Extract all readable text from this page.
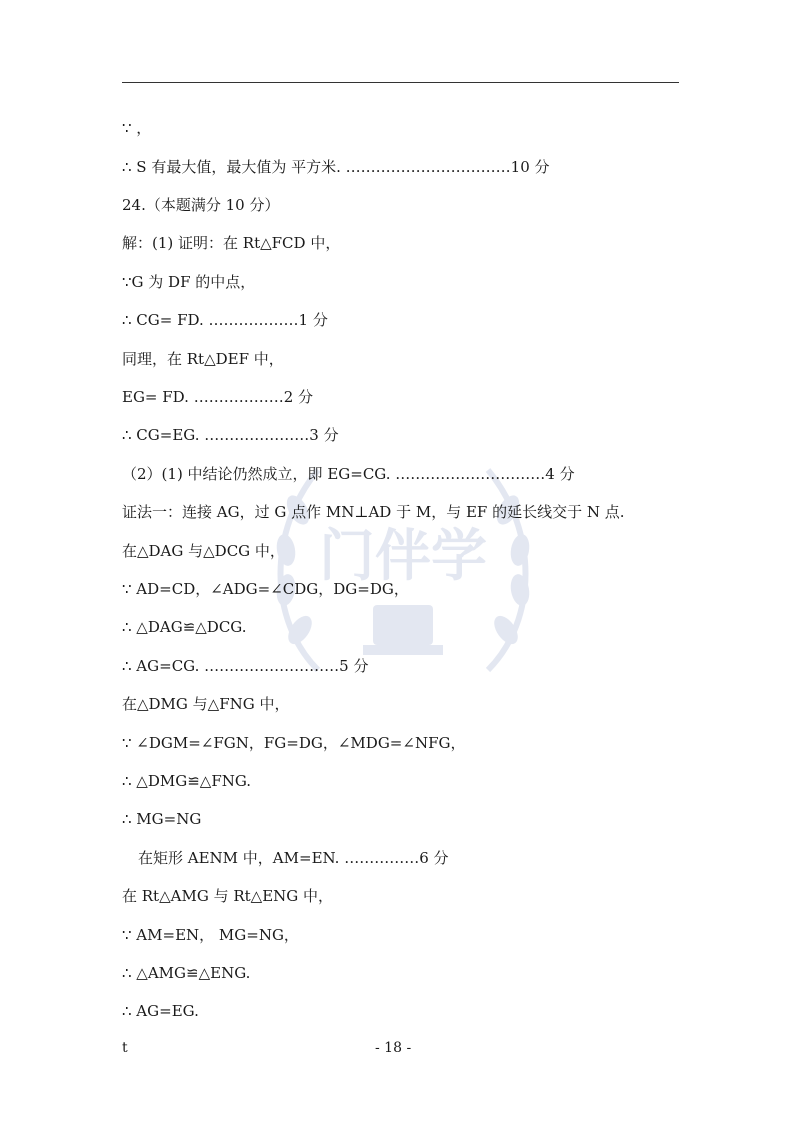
门伴学
∵ ，
∴ S 有最大值，最大值为 平方米. ……………………………10 分
24.（本题满分 10 分）
解：(1) 证明：在 Rt△FCD 中，
∵G 为 DF 的中点，
∴ CG= FD. ………………1 分
同理，在 Rt△DEF 中，
EG= FD. ………………2 分
∴ CG=EG. …………………3 分
（2）(1) 中结论仍然成立，即 EG=CG. …………………………4 分
证法一：连接 AG，过 G 点作 MN⊥AD 于 M，与 EF 的延长线交于 N 点.
在△DAG 与△DCG 中，
∵ AD=CD，∠ADG=∠CDG，DG=DG，
∴ △DAG≌△DCG.
∴ AG=CG. ………………………5 分
在△DMG 与△FNG 中，
∵ ∠DGM=∠FGN，FG=DG，∠MDG=∠NFG，
∴ △DMG≌△FNG.
∴ MG=NG
在矩形 AENM 中，AM=EN. ……………6 分
在 Rt△AMG 与 Rt△ENG 中，
∵ AM=EN， MG=NG，
∴ △AMG≌△ENG.
∴ AG=EG.
t	- 18 -
